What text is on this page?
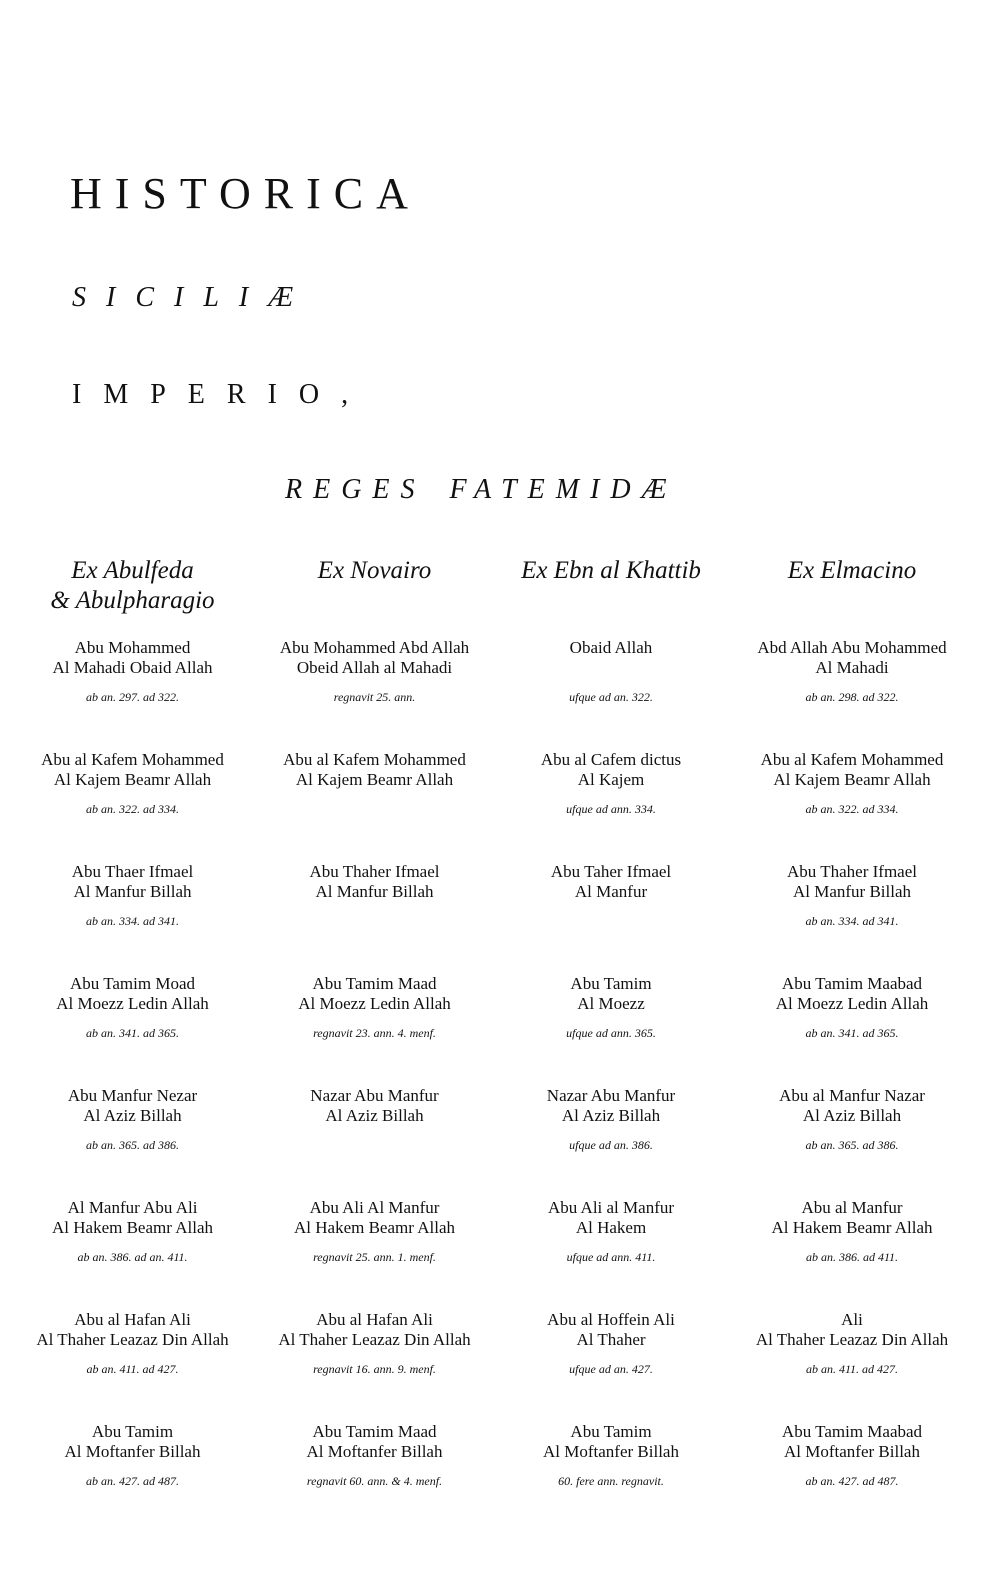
HISTORICA
SICILIÆ
IMPERIO,
REGES FATEMIDÆ
Ex Abulfeda
& Abulpharagio
Abu Mohammed
Al Mahadi Obaid Allah
ab an. 297. ad 322.
Abu al Kafem Mohammed
Al Kajem Beamr Allah
ab an. 322. ad 334.
Abu Thaer Ifmael
Al Manfur Billah
ab an. 334. ad 341.
Abu Tamim Moad
Al Moezz Ledin Allah
ab an. 341. ad 365.
Abu Manfur Nezar
Al Aziz Billah
ab an. 365. ad 386.
Al Manfur Abu Ali
Al Hakem Beamr Allah
ab an. 386. ad an. 411.
Abu al Hafan Ali
Al Thaher Leazaz Din Allah
ab an. 411. ad 427.
Abu Tamim
Al Moftanfer Billah
ab an. 427. ad 487.
Ex Novairo
Abu Mohammed Abd Allah
Obeid Allah al Mahadi
regnavit 25. ann.
Abu al Kafem Mohammed
Al Kajem Beamr Allah
Abu Thaher Ifmael
Al Manfur Billah
Abu Tamim Maad
Al Moezz Ledin Allah
regnavit 23. ann. 4. menf.
Nazar Abu Manfur
Al Aziz Billah
Abu Ali Al Manfur
Al Hakem Beamr Allah
regnavit 25. ann. 1. menf.
Abu al Hafan Ali
Al Thaher Leazaz Din Allah
regnavit 16. ann. 9. menf.
Abu Tamim Maad
Al Moftanfer Billah
regnavit 60. ann. & 4. menf.
Ex Ebn al Khattib
Obaid Allah
ufque ad an. 322.
Abu al Cafem dictus
Al Kajem
ufque ad ann. 334.
Abu Taher Ifmael
Al Manfur
Abu Tamim
Al Moezz
ufque ad ann. 365.
Nazar Abu Manfur
Al Aziz Billah
ufque ad an. 386.
Abu Ali al Manfur
Al Hakem
ufque ad ann. 411.
Abu al Hoffein Ali
Al Thaher
ufque ad an. 427.
Abu Tamim
Al Moftanfer Billah
60. fere ann. regnavit.
Ex Elmacino
Abd Allah Abu Mohammed
Al Mahadi
ab an. 298. ad 322.
Abu al Kafem Mohammed
Al Kajem Beamr Allah
ab an. 322. ad 334.
Abu Thaher Ifmael
Al Manfur Billah
ab an. 334. ad 341.
Abu Tamim Maabad
Al Moezz Ledin Allah
ab an. 341. ad 365.
Abu al Manfur Nazar
Al Aziz Billah
ab an. 365. ad 386.
Abu al Manfur
Al Hakem Beamr Allah
ab an. 386. ad 411.
Ali
Al Thaher Leazaz Din Allah
ab an. 411. ad 427.
Abu Tamim Maabad
Al Moftanfer Billah
ab an. 427. ad 487.
